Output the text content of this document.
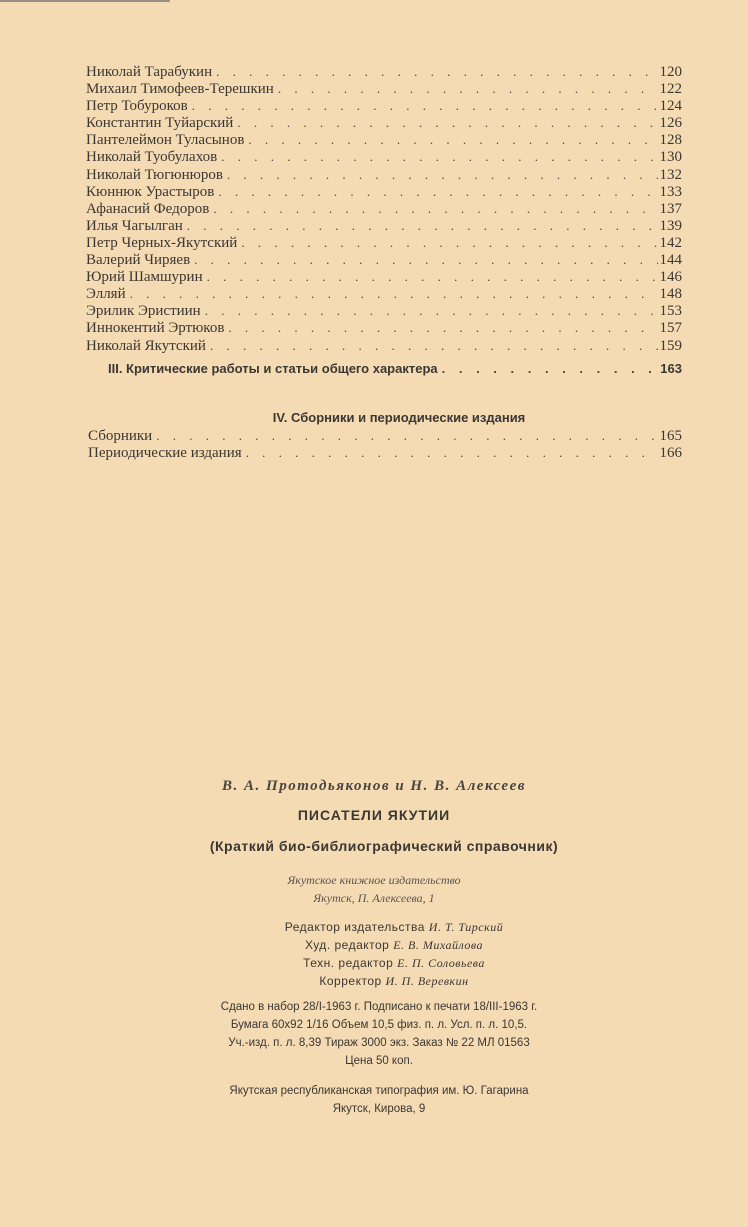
Николай Тарабукин . . .	120
Михаил Тимофеев-Терешкин . . .	122
Петр Тобуроков . . .	124
Константин Туйарский . . .	126
Пантелеймон Туласынов . . .	128
Николай Туобулахов . . .	130
Николай Тюгюнюров . . .	132
Кюннюк Урастыров . . .	133
Афанасий Федоров . . .	137
Илья Чагылган . . .	139
Петр Черных-Якутский . . .	142
Валерий Чиряев . . .	144
Юрий Шамшурин . . .	146
Элляй . . .	148
Эрилик Эристиин . . .	153
Иннокентий Эртюков . . .	157
Николай Якутский . . .	159
III. Критические работы и статьи общего характера . . .	163
IV. Сборники и периодические издания
Сборники . . .	165
Периодические издания . . .	166
В. А. Протодьяконов и Н. В. Алексеев
ПИСАТЕЛИ ЯКУТИИ
(Краткий био-библиографический справочник)
Якутское книжное издательство
Якутск, П. Алексеева, 1
Редактор издательства И. Т. Тирский
Худ. редактор Е. В. Михайлова
Техн. редактор Е. П. Соловьева
Корректор И. П. Веревкин
Сдано в набор 28/I-1963 г. Подписано к печати 18/III-1963 г.
Бумага 60х92 1/16 Объем 10,5 физ. п. л. Усл. п. л. 10,5.
Уч.-изд. п. л. 8,39 Тираж 3000 экз. Заказ № 22 МЛ 01563
Цена 50 коп.
Якутская республиканская типография им. Ю. Гагарина
Якутск, Кирова, 9
